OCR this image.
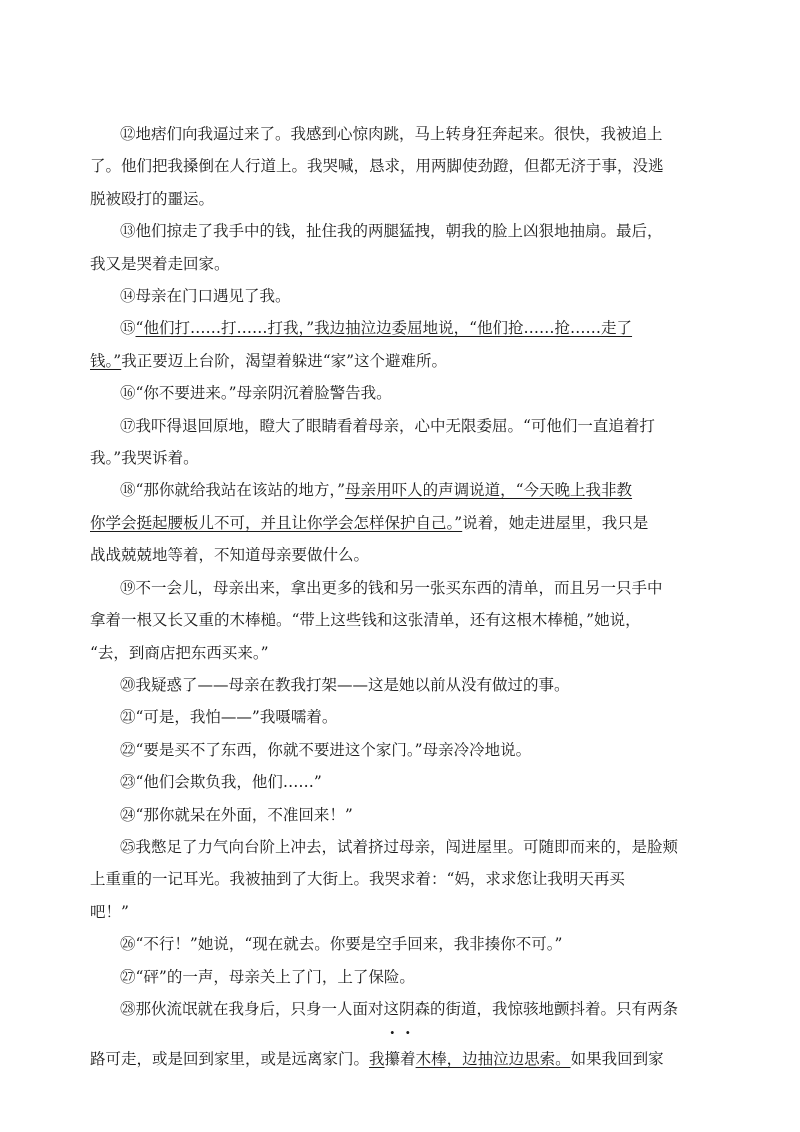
⑫地痞们向我逼过来了。我感到心惊肉跳，马上转身狂奔起来。很快，我被追上
了。他们把我搡倒在人行道上。我哭喊，恳求，用两脚使劲蹬，但都无济于事，没逃
脱被殴打的噩运。

⑬他们掠走了我手中的钱，扯住我的两腿猛拽，朝我的脸上凶狠地抽扇。最后，
我又是哭着走回家。

⑭母亲在门口遇见了我。

⑮“他们打……打……打我，”我边抽泣边委屈地说，“他们抢……抢……走了
钱。”我正要迈上台阶，渴望着躲进“家”这个避难所。

⑯“你不要进来。”母亲阴沉着脸警告我。

⑰我吓得退回原地，瞪大了眼睛看着母亲，心中无限委屈。“可他们一直追着打
我。”我哭诉着。

⑱“那你就给我站在该站的地方，”母亲用吓人的声调说道，“今天晚上我非教
你学会挺起腰板儿不可，并且让你学会怎样保护自己。”说着，她走进屋里，我只是
战战兢兢地等着，不知道母亲要做什么。

⑲不一会儿，母亲出来，拿出更多的钱和另一张买东西的清单，而且另一只手中
拿着一根又长又重的木棒槌。“带上这些钱和这张清单，还有这根木棒槌，”她说，
“去，到商店把东西买来。”

⑳我疑惑了——母亲在教我打架——这是她以前从没有做过的事。

㉑“可是，我怕——”我嗫嚅着。

㉒“要是买不了东西，你就不要进这个家门。”母亲冷冷地说。

㉓“他们会欺负我，他们……”

㉔“那你就呆在外面，不准回来！”

㉕我憋足了力气向台阶上冲去，试着挤过母亲，闯进屋里。可随即而来的，是脸颊
上重重的一记耳光。我被抽到了大街上。我哭求着：“妈，求求您让我明天再买
吧！”

㉖“不行！”她说，“现在就去。你要是空手回来，我非揍你不可。”

㉗“砰”的一声，母亲关上了门，上了保险。

㉘那伙流氓就在我身后，只身一人面对这阴森的街道，我惊骇地颤抖着。只有两条
路可走，或是回到家里，或是远离家门。我攥着木棒，边抽泣边思索。如果我回到家
